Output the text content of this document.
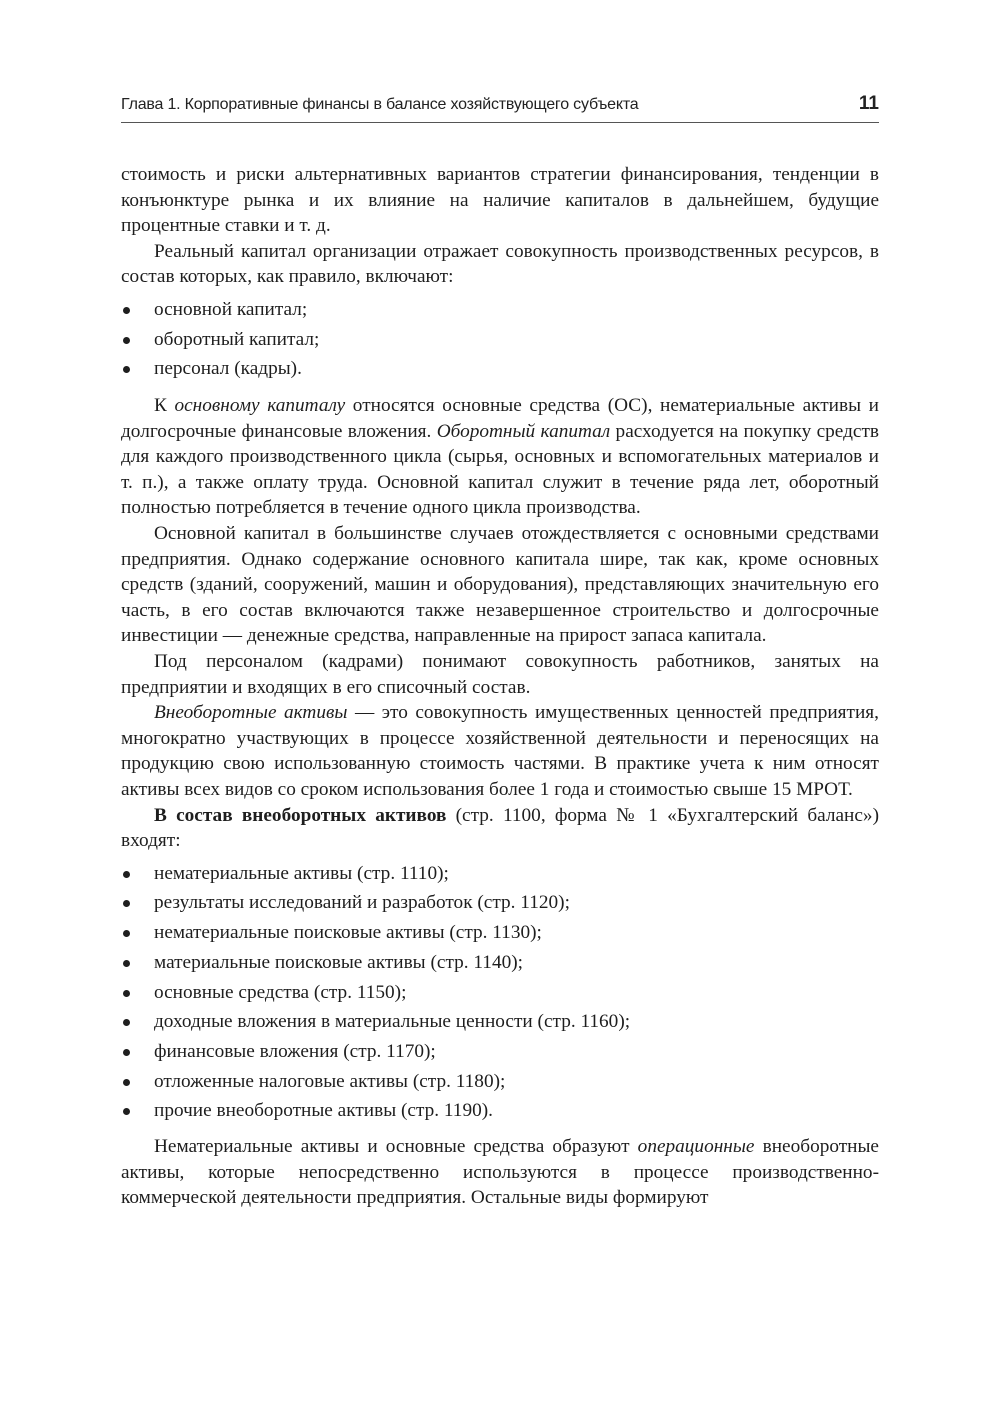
Глава 1. Корпоративные финансы в балансе хозяйствующего субъекта	11

стоимость и риски альтернативных вариантов стратегии финансирования, тенденции в конъюнктуре рынка и их влияние на наличие капиталов в дальнейшем, будущие процентные ставки и т. д.

Реальный капитал организации отражает совокупность производственных ресурсов, в состав которых, как правило, включают:

основной капитал;
оборотный капитал;
персонал (кадры).

К основному капиталу относятся основные средства (ОС), нематериальные активы и долгосрочные финансовые вложения. Оборотный капитал расходуется на покупку средств для каждого производственного цикла (сырья, основных и вспомогательных материалов и т. п.), а также оплату труда. Основной капитал служит в течение ряда лет, оборотный полностью потребляется в течение одного цикла производства.

Основной капитал в большинстве случаев отождествляется с основными средствами предприятия. Однако содержание основного капитала шире, так как, кроме основных средств (зданий, сооружений, машин и оборудования), представляющих значительную его часть, в его состав включаются также незавершенное строительство и долгосрочные инвестиции — денежные средства, направленные на прирост запаса капитала.

Под персоналом (кадрами) понимают совокупность работников, занятых на предприятии и входящих в его списочный состав.

Внеоборотные активы — это совокупность имущественных ценностей предприятия, многократно участвующих в процессе хозяйственной деятельности и переносящих на продукцию свою использованную стоимость частями. В практике учета к ним относят активы всех видов со сроком использования более 1 года и стоимостью свыше 15 МРОТ.

В состав внеоборотных активов (стр. 1100, форма № 1 «Бухгалтерский баланс») входят:

нематериальные активы (стр. 1110);
результаты исследований и разработок (стр. 1120);
нематериальные поисковые активы (стр. 1130);
материальные поисковые активы (стр. 1140);
основные средства (стр. 1150);
доходные вложения в материальные ценности (стр. 1160);
финансовые вложения (стр. 1170);
отложенные налоговые активы (стр. 1180);
прочие внеоборотные активы (стр. 1190).

Нематериальные активы и основные средства образуют операционные внеоборотные активы, которые непосредственно используются в процессе производственно-коммерческой деятельности предприятия. Остальные виды формируют
